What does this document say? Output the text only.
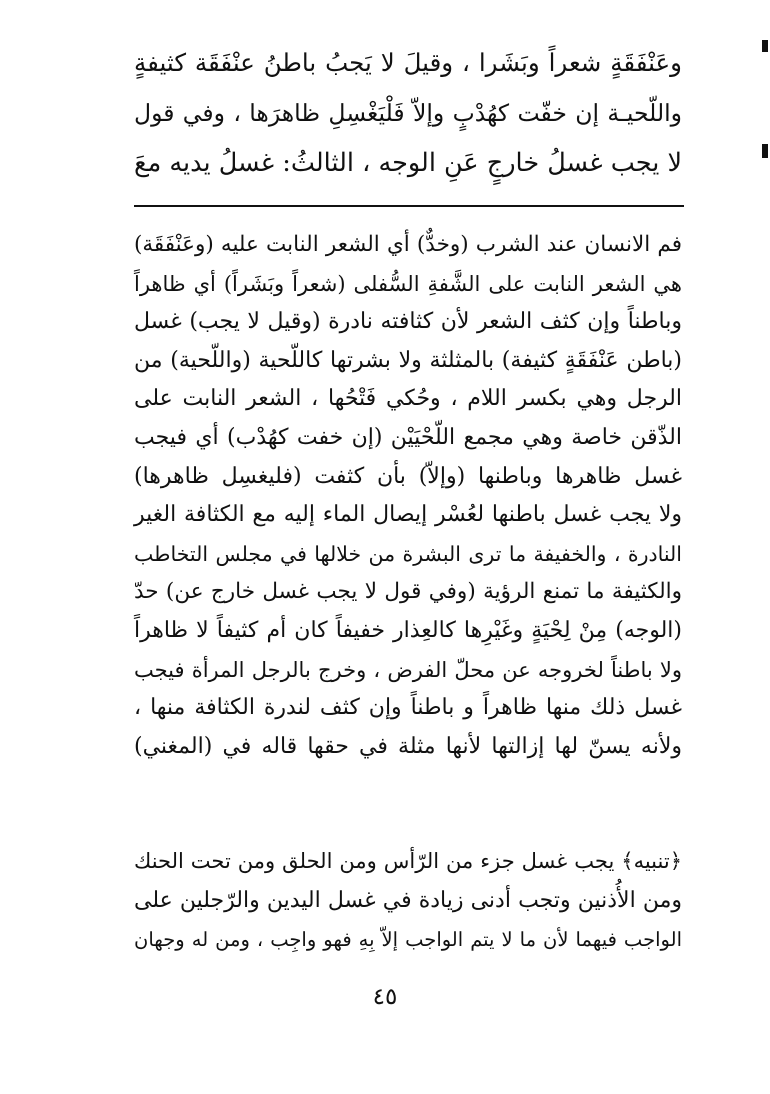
وعَنْفَقَةٍ شعراً وبَشَرا ، وقيلَ لا يَجبُ باطنُ عنْفَقَة كثيفةٍ
واللّحيـة إن خفّت كهُدْبٍ وإلاّ فَلْيَغْسِلِ ظاهرَها ، وفي قول
لا يجب غسلُ خارجٍ عَنِ الوجه ، الثالثُ: غسلُ يديه معَ
فم الانسان عند الشرب (وخدٌّ) أي الشعر النابت عليه (وعَنْفَقَة)
هي الشعر النابت على الشَّفةِ السُّفلى (شعراً وبَشَراً) أي ظاهراً
وباطناً وإن كثف الشعر لأن كثافته نادرة (وقيل لا يجب) غسل
(باطن عَنْفَقَةٍ كثيفة) بالمثلثة ولا بشرتها كاللّحية (واللّحية) من
الرجل وهي بكسر اللام ، وحُكي فَتْحُها ، الشعر النابت على
الذّقن خاصة وهي مجمع اللّحْيَيْن (إن خفت كهُدْب) أي فيجب
غسل ظاهرها وباطنها (وإلاّ) بأن كثفت (فليغسِل ظاهرها)
ولا يجب غسل باطنها لعُسْر إيصال الماء إليه مع الكثافة الغير
النادرة ، والخفيفة ما ترى البشرة من خلالها في مجلس التخاطب
والكثيفة ما تمنع الرؤية (وفي قول لا يجب غسل خارج عن) حدّ
(الوجه) مِنْ لِحْيَةٍ وغَيْرِها كالعِذار خفيفاً كان أم كثيفاً لا ظاهراً
ولا باطناً لخروجه عن محلّ الفرض ، وخرج بالرجل المرأة فيجب
غسل ذلك منها ظاهراً و باطناً وإن كثف لندرة الكثافة منها ،
ولأنه يسنّ لها إزالتها لأنها مثلة في حقها قاله في (المغني)
﴿تنبيه﴾ يجب غسل جزء من الرّأس ومن الحلق ومن تحت الحنك
ومن الأُذنين وتجب أدنى زيادة في غسل اليدين والرّجلين على
الواجب فيهما لأن ما لا يتم الواجب إلاّ بِهِ فهو واجِب ، ومن له وجهان
٤٥
